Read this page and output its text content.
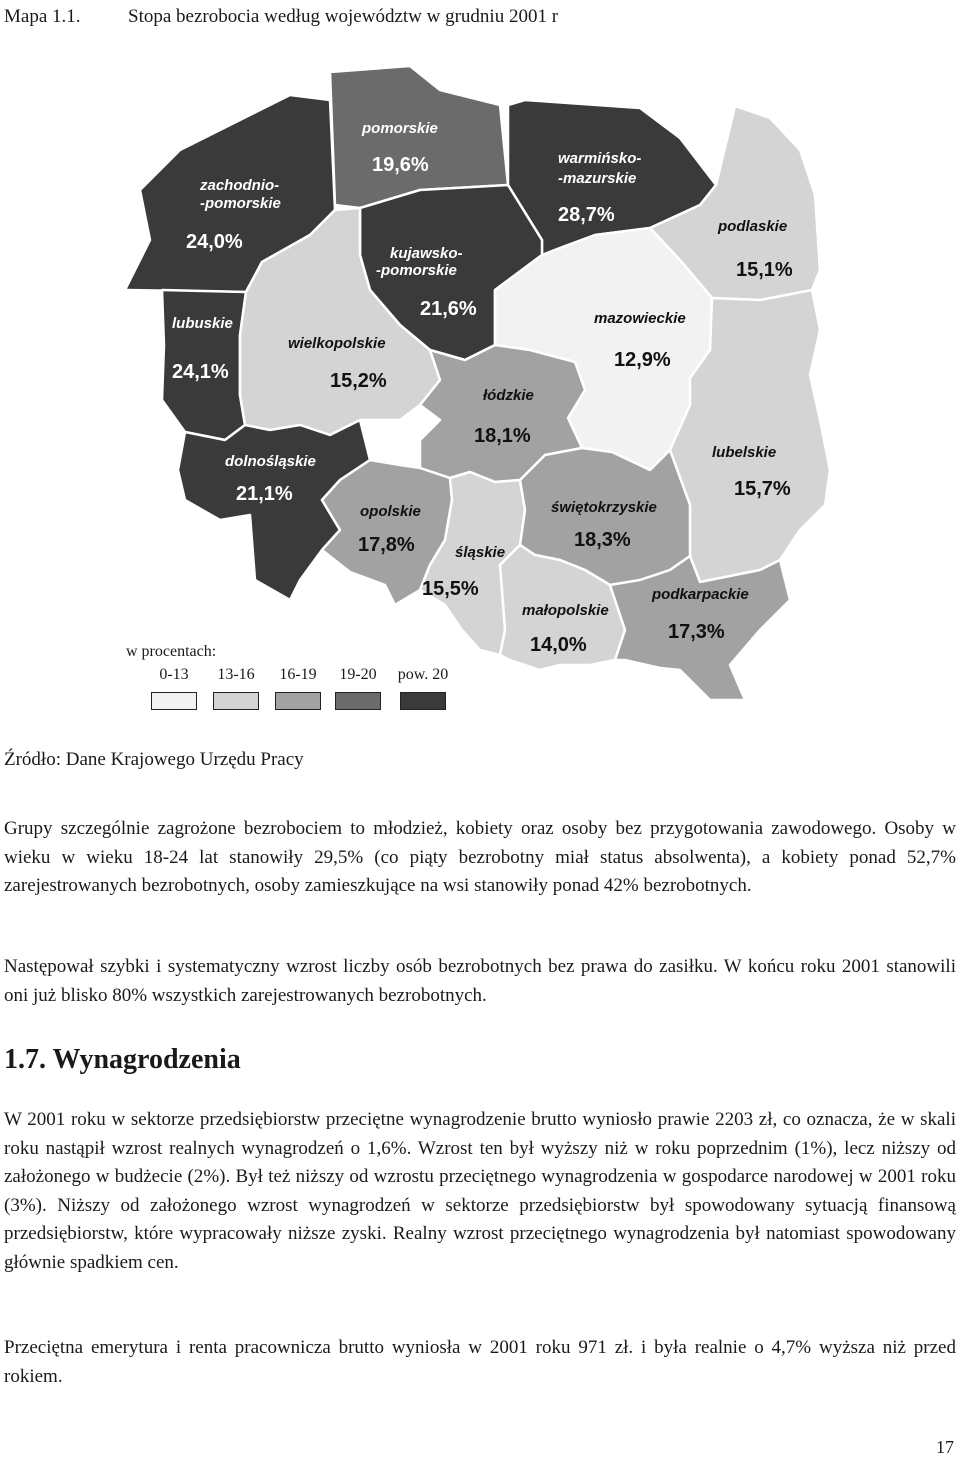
Mapa 1.1. Stopa bezrobocia według województw w grudniu 2001 r
zachodnio-
-pomorskie
24,0%
pomorskie
19,6%	warmińsko-
-mazurskie
28,7%
podlaskie
15,1%
kujawsko-
-pomorskie
21,6%
lubuskie
24,1%
wielkopolskie
15,2%
mazowieckie
12,9%
łódzkie
18,1%
lubelskie
15,7%
dolnośląskie
21,1%
opolskie
17,8%	śląskie
15,5%
świętokrzyskie
18,3%
małopolskie
14,0%
podkarpackie
17,3%
w procentach:
0-13	13-16	16-19	19-20	pow. 20
Źródło: Dane Krajowego Urzędu Pracy

Grupy szczególnie zagrożone bezrobociem to młodzież, kobiety oraz osoby bez przygotowania zawodowego. Osoby w wieku w wieku 18-24 lat stanowiły 29,5% (co piąty bezrobotny miał status absolwenta), a kobiety ponad 52,7% zarejestrowanych bezrobotnych, osoby zamieszkujące na wsi stanowiły ponad 42% bezrobotnych.

Następował szybki i systematyczny wzrost liczby osób bezrobotnych bez prawa do zasiłku. W końcu roku 2001 stanowili oni już blisko 80% wszystkich zarejestrowanych bezrobotnych.

1.7. Wynagrodzenia

W 2001 roku w sektorze przedsiębiorstw przeciętne wynagrodzenie brutto wyniosło prawie 2203 zł, co oznacza, że w skali roku nastąpił wzrost realnych wynagrodzeń o 1,6%. Wzrost ten był wyższy niż w roku poprzednim (1%), lecz niższy od założonego w budżecie (2%). Był też niższy od wzrostu przeciętnego wynagrodzenia w gospodarce narodowej w 2001 roku (3%). Niższy od założonego wzrost wynagrodzeń w sektorze przedsiębiorstw był spowodowany sytuacją finansową przedsiębiorstw, które wypracowały niższe zyski. Realny wzrost przeciętnego wynagrodzenia był natomiast spowodowany głównie spadkiem cen.

Przeciętna emerytura i renta pracownicza brutto wyniosła w 2001 roku 971 zł. i była realnie o 4,7% wyższa niż przed rokiem.

17
